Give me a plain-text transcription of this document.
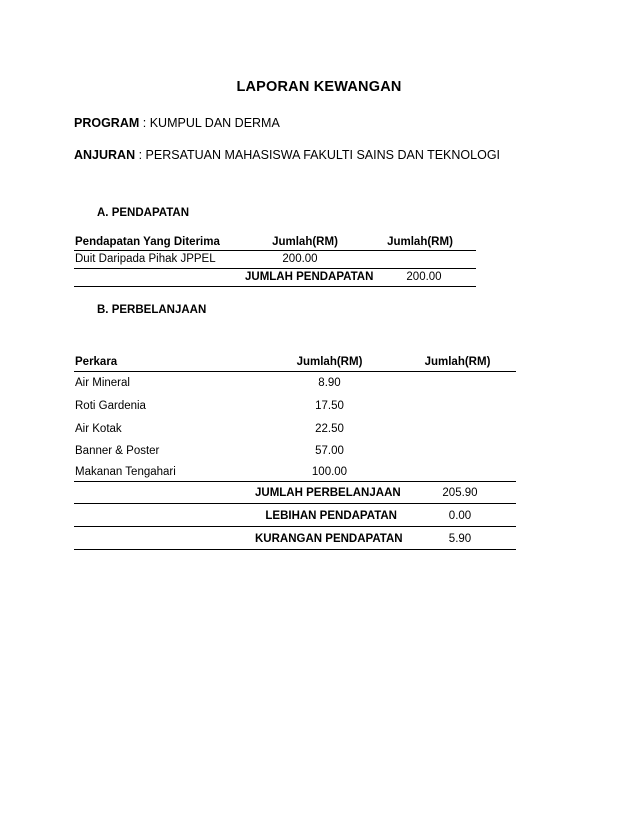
LAPORAN KEWANGAN
PROGRAM : KUMPUL DAN DERMA
ANJURAN : PERSATUAN MAHASISWA FAKULTI SAINS DAN TEKNOLOGI
A. PENDAPATAN
Pendapatan Yang Diterima	Jumlah(RM)	Jumlah(RM)
Duit Daripada Pihak JPPEL	200.00
JUMLAH PENDAPATAN	200.00
B. PERBELANJAAN
Perkara	Jumlah(RM)	Jumlah(RM)
Air Mineral	8.90
Roti Gardenia	17.50
Air Kotak	22.50
Banner & Poster	57.00
Makanan Tengahari	100.00
JUMLAH PERBELANJAAN	205.90
LEBIHAN PENDAPATAN	0.00
KURANGAN PENDAPATAN	5.90
